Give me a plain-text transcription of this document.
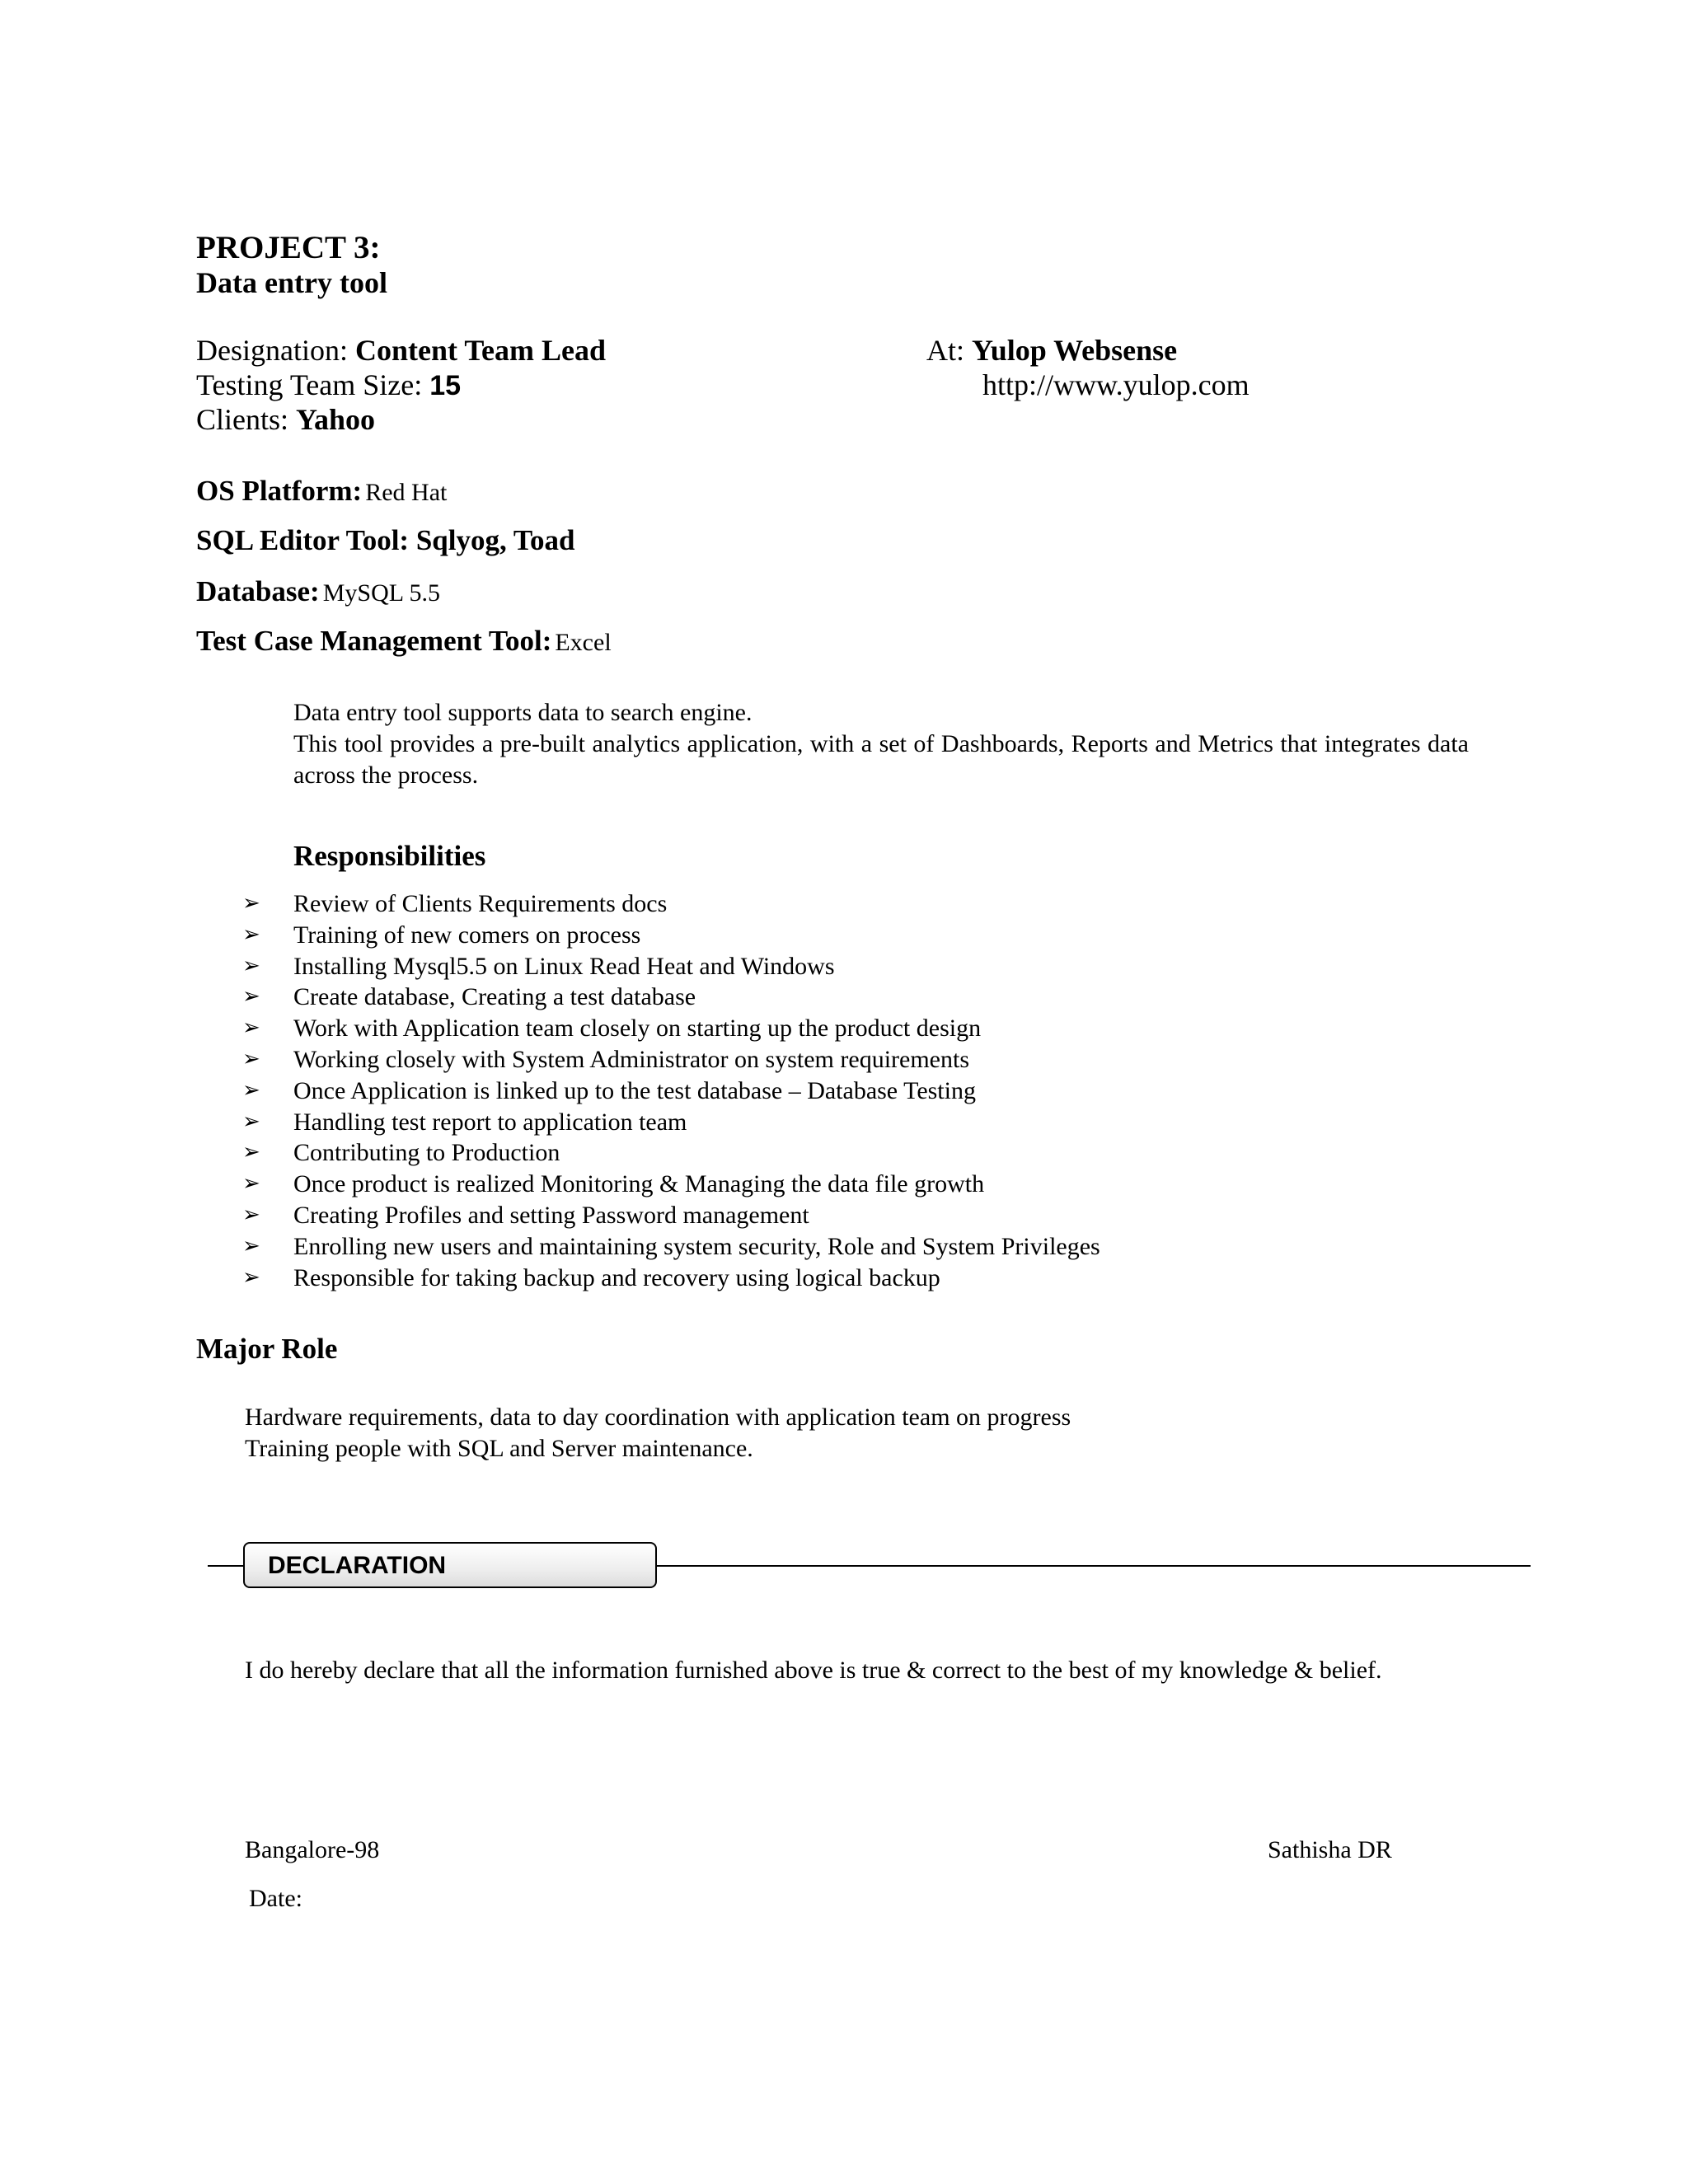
PROJECT 3:
Data entry tool
Designation: Content Team Lead
Testing Team Size: 15
Clients: Yahoo
At: Yulop Websense
http://www.yulop.com
OS Platform: Red Hat
SQL Editor Tool: Sqlyog, Toad
Database: MySQL 5.5
Test Case Management Tool: Excel
Data entry tool supports data to search engine.
This tool provides a pre-built analytics application, with a set of Dashboards, Reports and Metrics that integrates data across the process.
Responsibilities
➢ Review of Clients Requirements docs
➢ Training of new comers on process
➢ Installing Mysql5.5 on Linux Read Heat and Windows
➢ Create database, Creating a test database
➢ Work with Application team closely on starting up the product design
➢ Working closely with System Administrator on system requirements
➢ Once Application is linked up to the test database – Database Testing
➢ Handling test report to application team
➢ Contributing to Production
➢ Once product is realized Monitoring & Managing the data file growth
➢ Creating Profiles and setting Password management
➢ Enrolling new users and maintaining system security, Role and System Privileges
➢ Responsible for taking backup and recovery using logical backup
Major Role
Hardware requirements, data to day coordination with application team on progress
Training people with SQL and Server maintenance.
DECLARATION
I do hereby declare that all the information furnished above is true & correct to the best of my knowledge & belief.
Bangalore-98	Sathisha DR
Date:
